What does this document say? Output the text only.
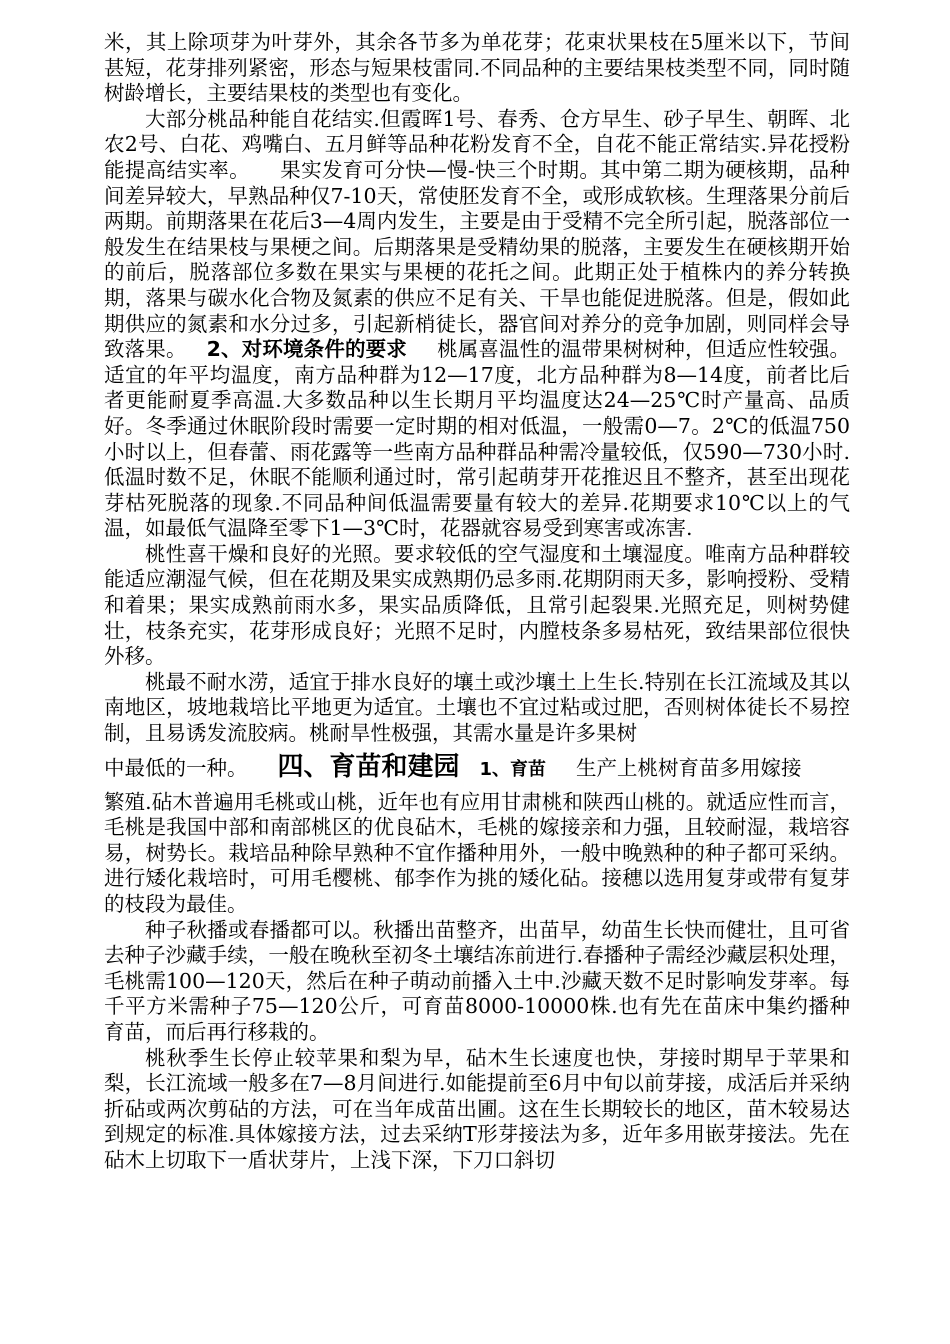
米，其上除项芽为叶芽外，其余各节多为单花芽；花束状果枝在5厘米以下，节间甚短，花芽排列紧密，形态与短果枝雷同.不同品种的主要结果枝类型不同，同时随树龄增长，主要结果枝的类型也有变化。

大部分桃品种能自花结实.但霞晖1号、春秀、仓方早生、砂子早生、朝晖、北农2号、白花、鸡嘴白、五月鲜等品种花粉发育不全，自花不能正常结实.异花授粉能提高结实率。 果实发育可分快—慢-快三个时期。其中第二期为硬核期，品种间差异较大，早熟品种仅7-10天，常使胚发育不全，或形成软核。生理落果分前后两期。前期落果在花后3—4周内发生，主要是由于受精不完全所引起，脱落部位一般发生在结果枝与果梗之间。后期落果是受精幼果的脱落，主要发生在硬核期开始的前后，脱落部位多数在果实与果梗的花托之间。此期正处于植株内的养分转换期，落果与碳水化合物及氮素的供应不足有关、干旱也能促进脱落。但是，假如此期供应的氮素和水分过多，引起新梢徒长，器官间对养分的竞争加剧，则同样会导致落果。 2、对环境条件的要求 桃属喜温性的温带果树树种，但适应性较强。适宜的年平均温度，南方品种群为12—17度，北方品种群为8—14度，前者比后者更能耐夏季高温.大多数品种以生长期月平均温度达24—25℃时产量高、品质好。冬季通过休眠阶段时需要一定时期的相对低温，一般需0—7。2℃的低温750小时以上，但春蕾、雨花露等一些南方品种群品种需冷量较低，仅590—730小时.低温时数不足，休眠不能顺利通过时，常引起萌芽开花推迟且不整齐，甚至出现花芽枯死脱落的现象.不同品种间低温需要量有较大的差异.花期要求10℃以上的气温，如最低气温降至零下1—3℃时，花器就容易受到寒害或冻害.

桃性喜干燥和良好的光照。要求较低的空气湿度和土壤湿度。唯南方品种群较能适应潮湿气候，但在花期及果实成熟期仍忌多雨.花期阴雨天多，影响授粉、受精和着果；果实成熟前雨水多，果实品质降低，且常引起裂果.光照充足，则树势健壮，枝条充实，花芽形成良好；光照不足时，内膛枝条多易枯死，致结果部位很快外移。

桃最不耐水涝，适宜于排水良好的壤土或沙壤土上生长.特别在长江流域及其以南地区，坡地栽培比平地更为适宜。土壤也不宜过粘或过肥，否则树体徒长不易控制，且易诱发流胶病。桃耐旱性极强，其需水量是许多果树

中最低的一种。 四、育苗和建园 1、育苗 生产上桃树育苗多用嫁接

繁殖.砧木普遍用毛桃或山桃，近年也有应用甘肃桃和陕西山桃的。就适应性而言，毛桃是我国中部和南部桃区的优良砧木，毛桃的嫁接亲和力强，且较耐湿，栽培容易，树势长。栽培品种除早熟种不宜作播种用外，一般中晚熟种的种子都可采纳。进行矮化栽培时，可用毛樱桃、郁李作为挑的矮化砧。接穗以选用复芽或带有复芽的枝段为最佳。

种子秋播或春播都可以。秋播出苗整齐，出苗早，幼苗生长快而健壮，且可省去种子沙藏手续，一般在晚秋至初冬土壤结冻前进行.春播种子需经沙藏层积处理，毛桃需100—120天，然后在种子萌动前播入土中.沙藏天数不足时影响发芽率。每千平方米需种子75—120公斤，可育苗8000-10000株.也有先在苗床中集约播种育苗，而后再行移栽的。

桃秋季生长停止较苹果和梨为早，砧木生长速度也快，芽接时期早于苹果和梨，长江流域一般多在7—8月间进行.如能提前至6月中旬以前芽接，成活后并采纳折砧或两次剪砧的方法，可在当年成苗出圃。这在生长期较长的地区，苗木较易达到规定的标准.具体嫁接方法，过去采纳T形芽接法为多，近年多用嵌芽接法。先在砧木上切取下一盾状芽片，上浅下深，下刀口斜切
